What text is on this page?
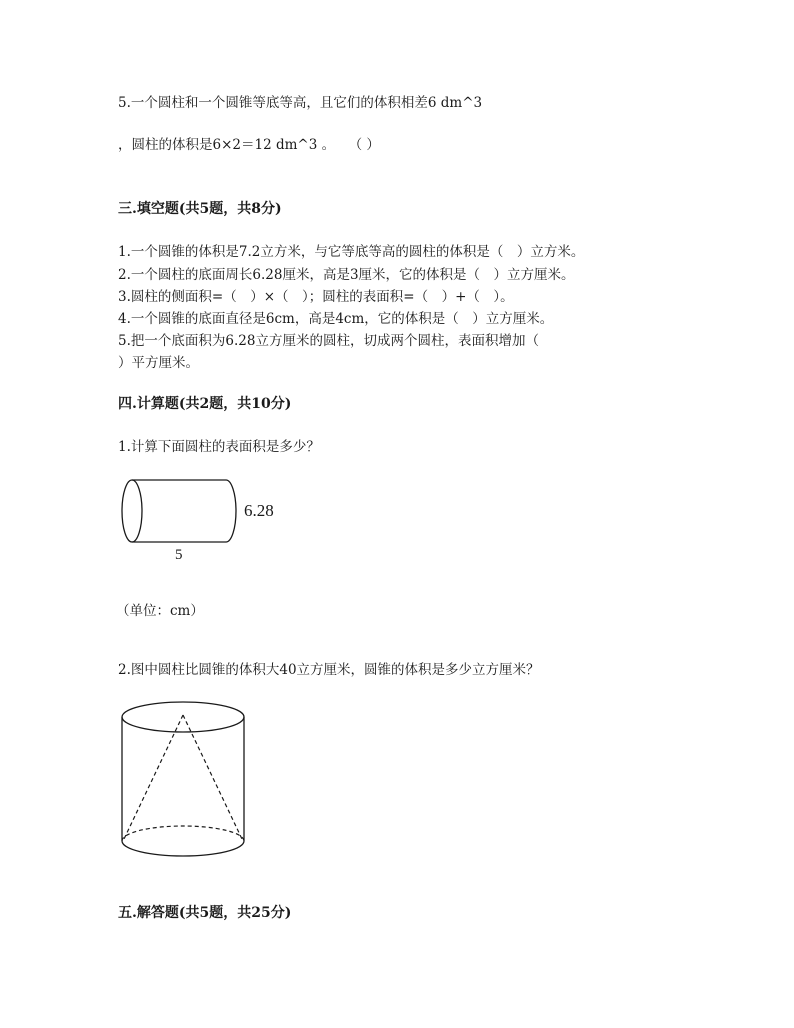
5.一个圆柱和一个圆锥等底等高，且它们的体积相差6 dm^3
，圆柱的体积是6×2＝12 dm^3 。　　（ ）
三.填空题(共5题，共8分)
1.一个圆锥的体积是7.2立方米，与它等底等高的圆柱的体积是（　）立方米。
2.一个圆柱的底面周长6.28厘米，高是3厘米，它的体积是（　）立方厘米。
3.圆柱的侧面积=（　）×（　）；圆柱的表面积=（　）+（　）。
4.一个圆锥的底面直径是6cm，高是4cm，它的体积是（　）立方厘米。
5.把一个底面积为6.28立方厘米的圆柱，切成两个圆柱，表面积增加（
）平方厘米。
四.计算题(共2题，共10分)
1.计算下面圆柱的表面积是多少？
6.28
5
（单位：cm）
2.图中圆柱比圆锥的体积大40立方厘米，圆锥的体积是多少立方厘米？
五.解答题(共5题，共25分)
